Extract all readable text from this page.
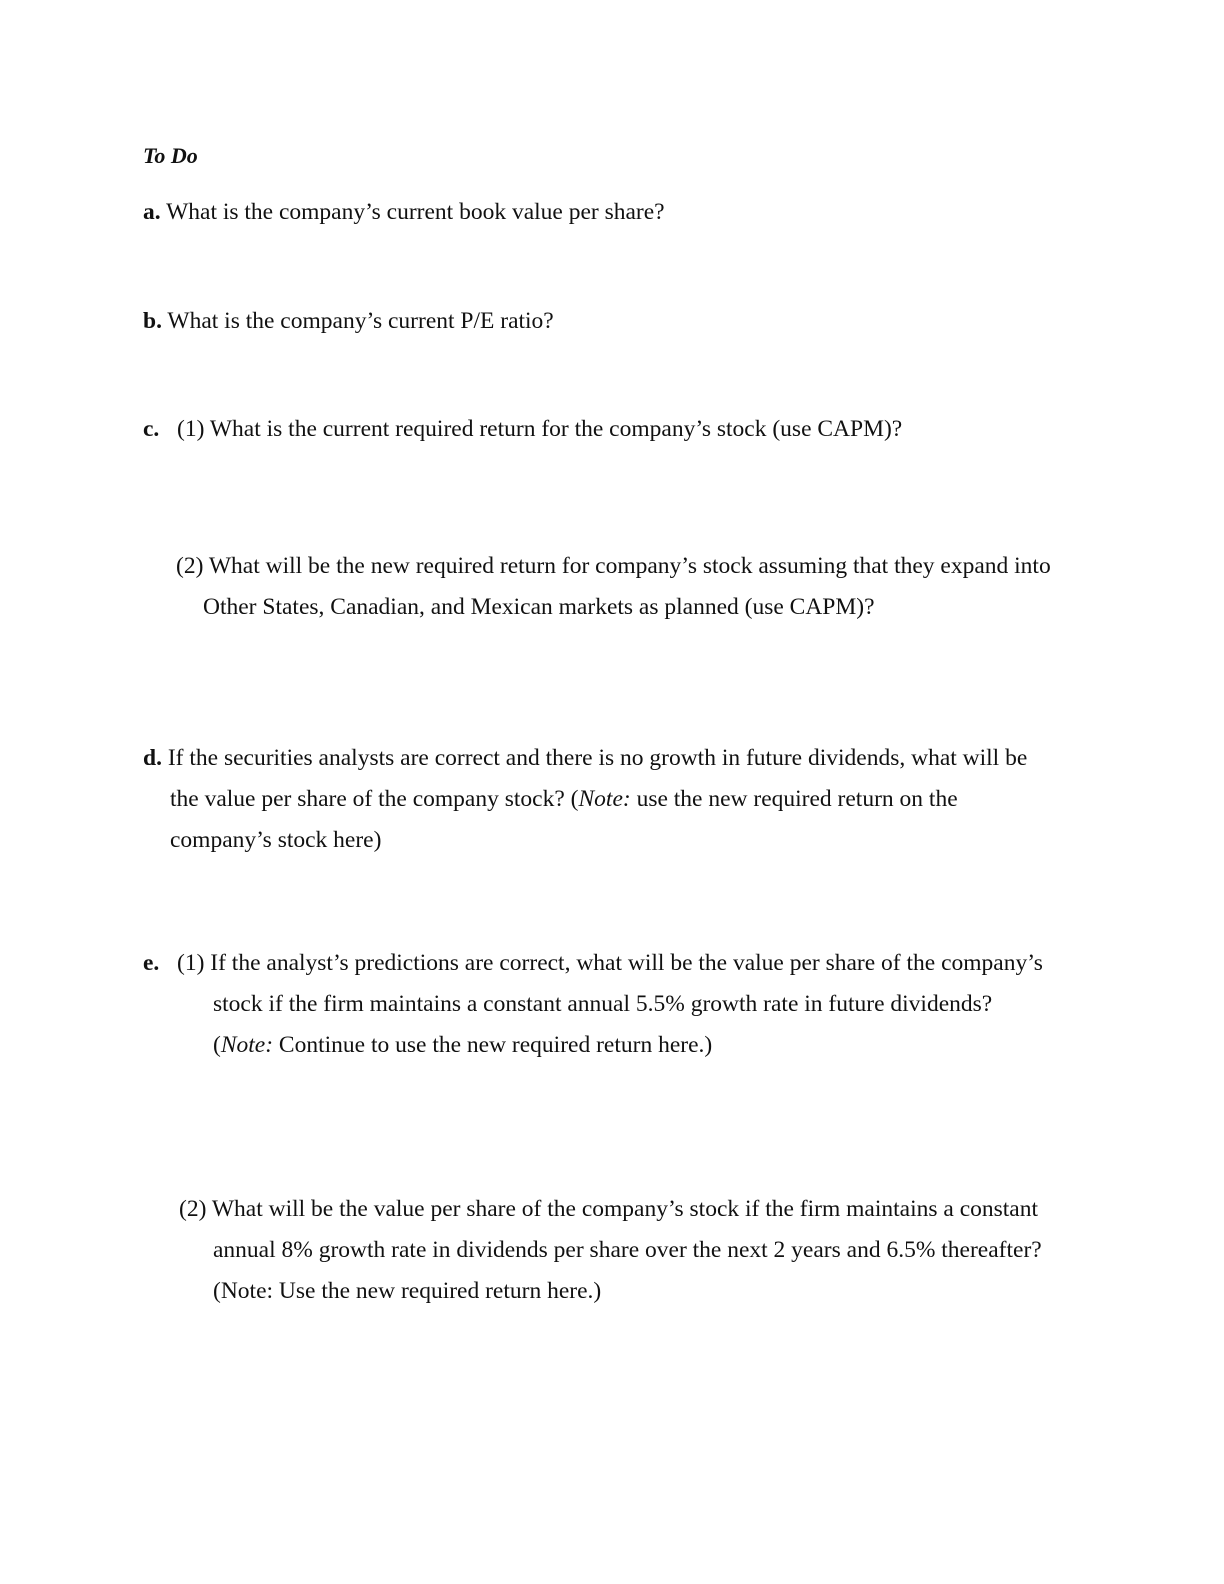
To Do
a. What is the company’s current book value per share?
b. What is the company’s current P/E ratio?
c. (1) What is the current required return for the company’s stock (use CAPM)?
(2) What will be the new required return for company’s stock assuming that they expand into
Other States, Canadian, and Mexican markets as planned (use CAPM)?
d. If the securities analysts are correct and there is no growth in future dividends, what will be
the value per share of the company stock? (Note: use the new required return on the
company’s stock here)
e. (1) If the analyst’s predictions are correct, what will be the value per share of the company’s
stock if the firm maintains a constant annual 5.5% growth rate in future dividends?
(Note: Continue to use the new required return here.)
(2) What will be the value per share of the company’s stock if the firm maintains a constant
annual 8% growth rate in dividends per share over the next 2 years and 6.5% thereafter?
(Note: Use the new required return here.)
